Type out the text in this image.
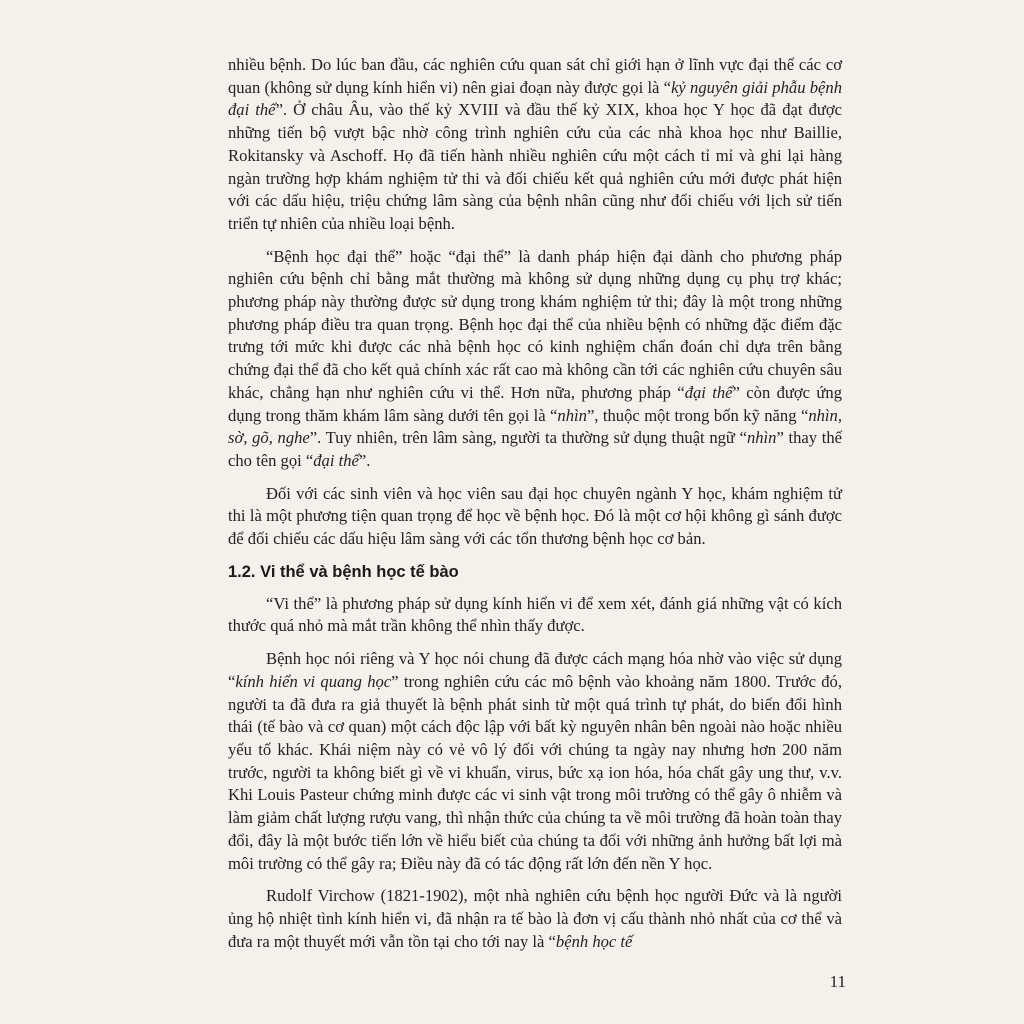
nhiều bệnh. Do lúc ban đầu, các nghiên cứu quan sát chỉ giới hạn ở lĩnh vực đại thể các cơ quan (không sử dụng kính hiển vi) nên giai đoạn này được gọi là “kỷ nguyên giải phẫu bệnh đại thể”. Ở châu Âu, vào thế kỷ XVIII và đầu thế kỷ XIX, khoa học Y học đã đạt được những tiến bộ vượt bậc nhờ công trình nghiên cứu của các nhà khoa học như Baillie, Rokitansky và Aschoff. Họ đã tiến hành nhiều nghiên cứu một cách tỉ mỉ và ghi lại hàng ngàn trường hợp khám nghiệm tử thi và đối chiếu kết quả nghiên cứu mới được phát hiện với các dấu hiệu, triệu chứng lâm sàng của bệnh nhân cũng như đối chiếu với lịch sử tiến triển tự nhiên của nhiều loại bệnh.

“Bệnh học đại thể” hoặc “đại thể” là danh pháp hiện đại dành cho phương pháp nghiên cứu bệnh chỉ bằng mắt thường mà không sử dụng những dụng cụ phụ trợ khác; phương pháp này thường được sử dụng trong khám nghiệm tử thi; đây là một trong những phương pháp điều tra quan trọng. Bệnh học đại thể của nhiều bệnh có những đặc điểm đặc trưng tới mức khi được các nhà bệnh học có kinh nghiệm chẩn đoán chỉ dựa trên bằng chứng đại thể đã cho kết quả chính xác rất cao mà không cần tới các nghiên cứu chuyên sâu khác, chẳng hạn như nghiên cứu vi thể. Hơn nữa, phương pháp “đại thể” còn được ứng dụng trong thăm khám lâm sàng dưới tên gọi là “nhìn”, thuộc một trong bốn kỹ năng “nhìn, sờ, gõ, nghe”. Tuy nhiên, trên lâm sàng, người ta thường sử dụng thuật ngữ “nhìn” thay thế cho tên gọi “đại thể”.

Đối với các sinh viên và học viên sau đại học chuyên ngành Y học, khám nghiệm tử thi là một phương tiện quan trọng để học về bệnh học. Đó là một cơ hội không gì sánh được để đối chiếu các dấu hiệu lâm sàng với các tổn thương bệnh học cơ bản.

1.2. Vi thể và bệnh học tế bào

“Vi thể” là phương pháp sử dụng kính hiển vi để xem xét, đánh giá những vật có kích thước quá nhỏ mà mắt trần không thể nhìn thấy được.

Bệnh học nói riêng và Y học nói chung đã được cách mạng hóa nhờ vào việc sử dụng “kính hiển vi quang học” trong nghiên cứu các mô bệnh vào khoảng năm 1800. Trước đó, người ta đã đưa ra giả thuyết là bệnh phát sinh từ một quá trình tự phát, do biến đổi hình thái (tế bào và cơ quan) một cách độc lập với bất kỳ nguyên nhân bên ngoài nào hoặc nhiều yếu tố khác. Khái niệm này có vẻ vô lý đối với chúng ta ngày nay nhưng hơn 200 năm trước, người ta không biết gì về vi khuẩn, virus, bức xạ ion hóa, hóa chất gây ung thư, v.v. Khi Louis Pasteur chứng minh được các vi sinh vật trong môi trường có thể gây ô nhiễm và làm giảm chất lượng rượu vang, thì nhận thức của chúng ta về môi trường đã hoàn toàn thay đổi, đây là một bước tiến lớn về hiểu biết của chúng ta đối với những ảnh hưởng bất lợi mà môi trường có thể gây ra; Điều này đã có tác động rất lớn đến nền Y học.

Rudolf Virchow (1821-1902), một nhà nghiên cứu bệnh học người Đức và là người ủng hộ nhiệt tình kính hiển vi, đã nhận ra tế bào là đơn vị cấu thành nhỏ nhất của cơ thể và đưa ra một thuyết mới vẫn tồn tại cho tới nay là “bệnh học tế

11
